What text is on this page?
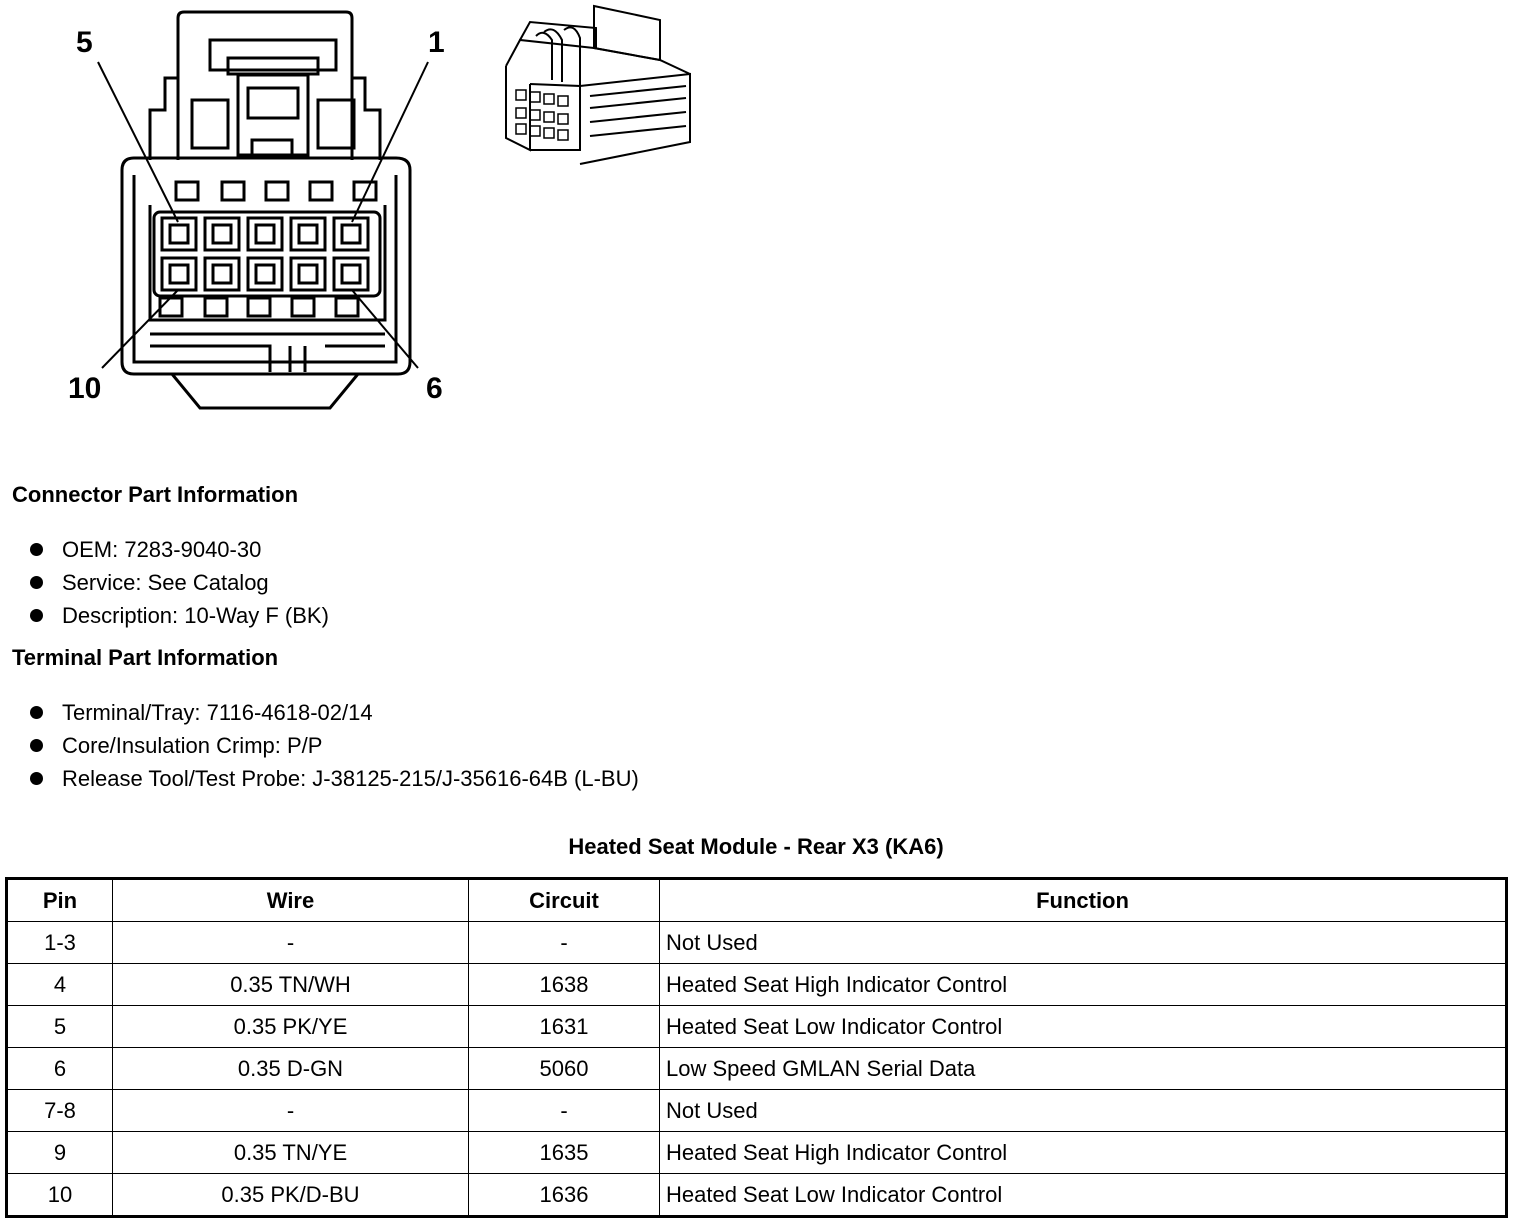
5	1
10	6
Connector Part Information
OEM: 7283-9040-30
Service: See Catalog
Description: 10-Way F (BK)
Terminal Part Information
Terminal/Tray: 7116-4618-02/14
Core/Insulation Crimp: P/P
Release Tool/Test Probe: J-38125-215/J-35616-64B (L-BU)
Heated Seat Module - Rear X3 (KA6)
Pin	Wire	Circuit	Function
1-3	-	-	Not Used
4	0.35 TN/WH	1638	Heated Seat High Indicator Control
5	0.35 PK/YE	1631	Heated Seat Low Indicator Control
6	0.35 D-GN	5060	Low Speed GMLAN Serial Data
7-8	-	-	Not Used
9	0.35 TN/YE	1635	Heated Seat High Indicator Control
10	0.35 PK/D-BU	1636	Heated Seat Low Indicator Control
